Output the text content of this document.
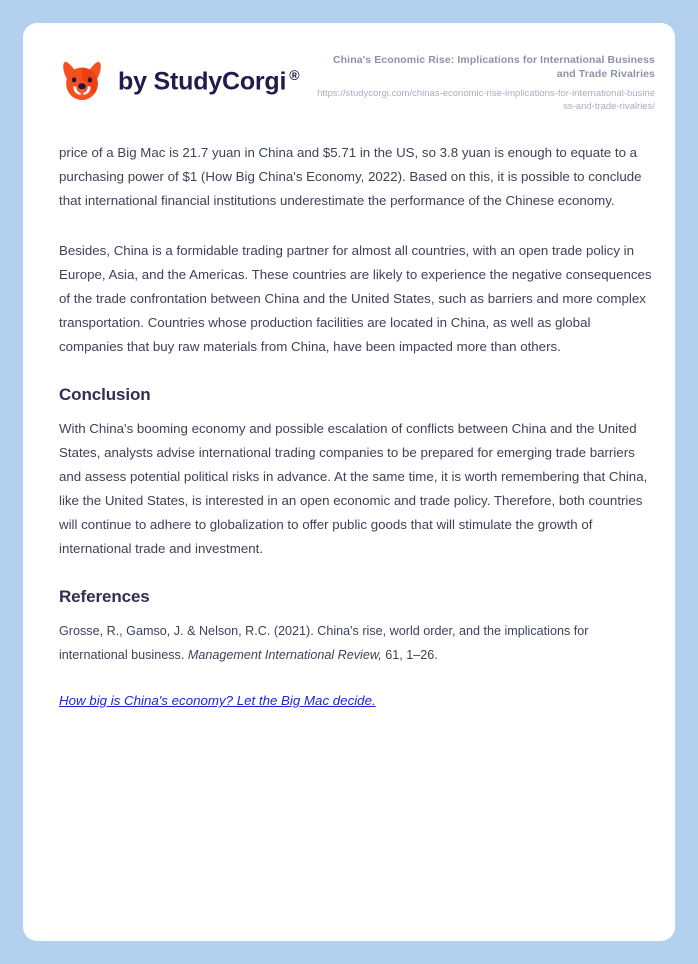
by StudyCorgi ®
China's Economic Rise: Implications for International Business and Trade Rivalries
https://studycorgi.com/chinas-economic-rise-implications-for-international-business-and-trade-rivalries/

price of a Big Mac is 21.7 yuan in China and $5.71 in the US, so 3.8 yuan is enough to equate to a purchasing power of $1 (How Big China's Economy, 2022). Based on this, it is possible to conclude that international financial institutions underestimate the performance of the Chinese economy.

Besides, China is a formidable trading partner for almost all countries, with an open trade policy in Europe, Asia, and the Americas. These countries are likely to experience the negative consequences of the trade confrontation between China and the United States, such as barriers and more complex transportation. Countries whose production facilities are located in China, as well as global companies that buy raw materials from China, have been impacted more than others.

Conclusion

With China's booming economy and possible escalation of conflicts between China and the United States, analysts advise international trading companies to be prepared for emerging trade barriers and assess potential political risks in advance. At the same time, it is worth remembering that China, like the United States, is interested in an open economic and trade policy. Therefore, both countries will continue to adhere to globalization to offer public goods that will stimulate the growth of international trade and investment.

References

Grosse, R., Gamso, J. & Nelson, R.C. (2021). China's rise, world order, and the implications for international business. Management International Review, 61, 1–26.

How big is China's economy? Let the Big Mac decide.
